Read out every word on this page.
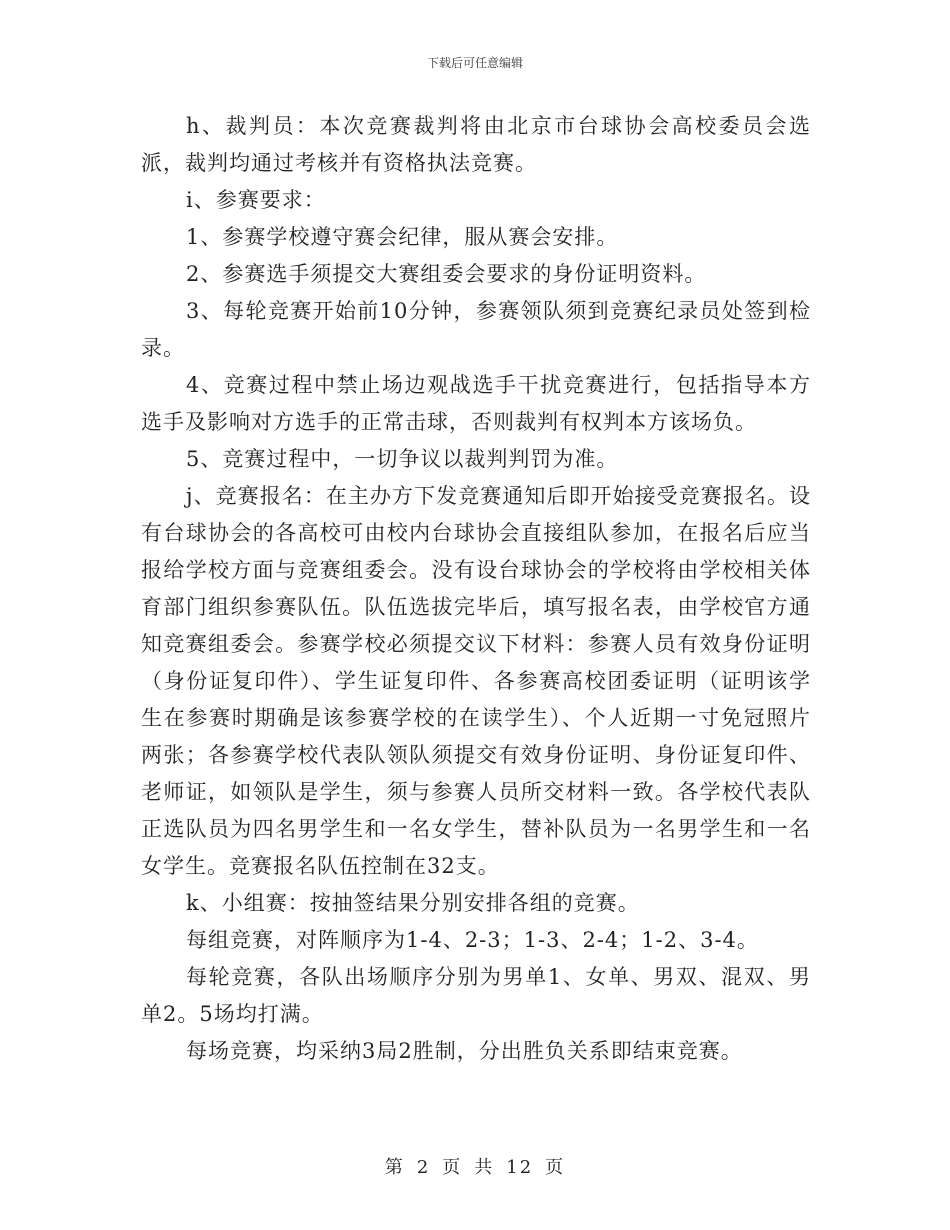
下载后可任意编辑

h、裁判员：本次竞赛裁判将由北京市台球协会高校委员会选派，裁判均通过考核并有资格执法竞赛。

i、参赛要求：

1、参赛学校遵守赛会纪律，服从赛会安排。

2、参赛选手须提交大赛组委会要求的身份证明资料。

3、每轮竞赛开始前10分钟，参赛领队须到竞赛纪录员处签到检录。

4、竞赛过程中禁止场边观战选手干扰竞赛进行，包括指导本方选手及影响对方选手的正常击球，否则裁判有权判本方该场负。

5、竞赛过程中，一切争议以裁判判罚为准。

j、竞赛报名：在主办方下发竞赛通知后即开始接受竞赛报名。设有台球协会的各高校可由校内台球协会直接组队参加，在报名后应当报给学校方面与竞赛组委会。没有设台球协会的学校将由学校相关体育部门组织参赛队伍。队伍选拔完毕后，填写报名表，由学校官方通知竞赛组委会。参赛学校必须提交议下材料：参赛人员有效身份证明（身份证复印件）、学生证复印件、各参赛高校团委证明（证明该学生在参赛时期确是该参赛学校的在读学生）、个人近期一寸免冠照片两张；各参赛学校代表队领队须提交有效身份证明、身份证复印件、老师证，如领队是学生，须与参赛人员所交材料一致。各学校代表队正选队员为四名男学生和一名女学生，替补队员为一名男学生和一名女学生。竞赛报名队伍控制在32支。

k、小组赛：按抽签结果分别安排各组的竞赛。

每组竞赛，对阵顺序为1-4、2-3；1-3、2-4；1-2、3-4。

每轮竞赛，各队出场顺序分别为男单1、女单、男双、混双、男单2。5场均打满。

每场竞赛，均采纳3局2胜制，分出胜负关系即结束竞赛。

第 2 页 共 12 页
